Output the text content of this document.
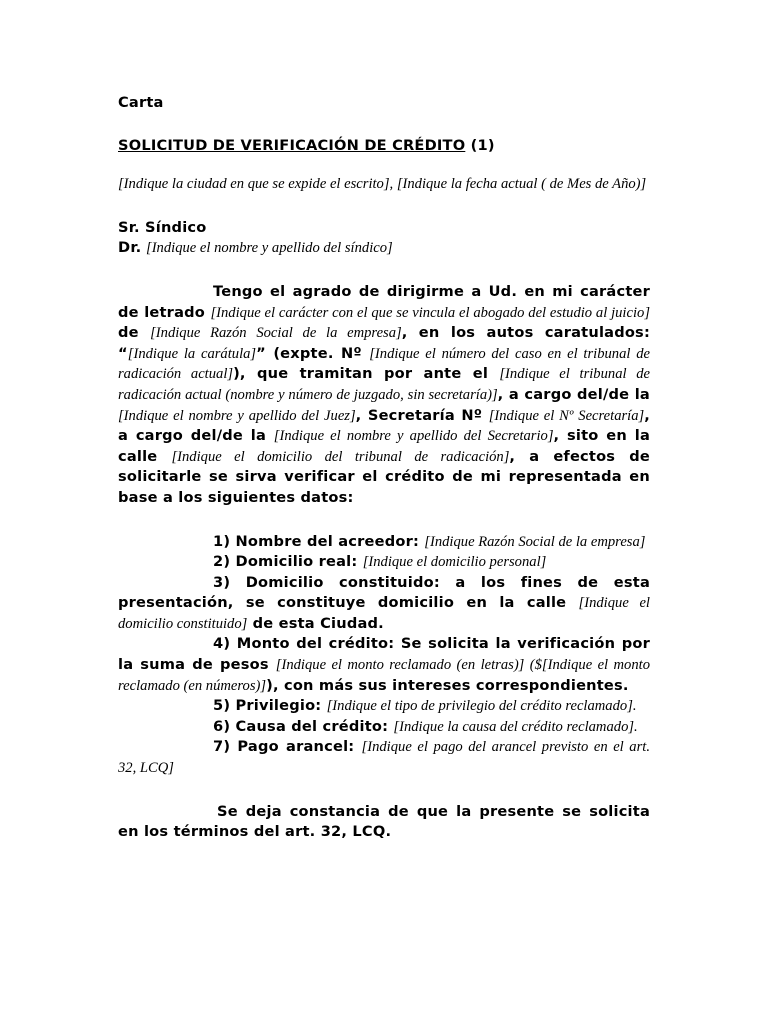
Carta

SOLICITUD DE VERIFICACIÓN DE CRÉDITO (1)

[Indique la ciudad en que se expide el escrito], [Indique la fecha actual ( de Mes de Año)]

Sr. Síndico

Dr. [Indique el nombre y apellido del síndico]

Tengo el agrado de dirigirme a Ud. en mi carácter de letrado [Indique el carácter con el que se vincula el abogado del estudio al juicio] de [Indique Razón Social de la empresa], en los autos caratulados: “[Indique la carátula]” (expte. Nº [Indique el número del caso en el tribunal de radicación actual]), que tramitan por ante el [Indique el tribunal de radicación actual (nombre y número de juzgado, sin secretaría)], a cargo del/de la [Indique el nombre y apellido del Juez], Secretaría Nº [Indique el Nº Secretaría], a cargo del/de la [Indique el nombre y apellido del Secretario], sito en la calle [Indique el domicilio del tribunal de radicación], a efectos de solicitarle se sirva verificar el crédito de mi representada en base a los siguientes datos:

1) Nombre del acreedor: [Indique Razón Social de la empresa]

2) Domicilio real: [Indique el domicilio personal]

3) Domicilio constituido: a los fines de esta presentación, se constituye domicilio en la calle [Indique el domicilio constituido] de esta Ciudad.

4) Monto del crédito: Se solicita la verificación por la suma de pesos [Indique el monto reclamado (en letras)] ($[Indique el monto reclamado (en números)]), con más sus intereses correspondientes.

5) Privilegio: [Indique el tipo de privilegio del crédito reclamado].

6) Causa del crédito: [Indique la causa del crédito reclamado].

7) Pago arancel: [Indique el pago del arancel previsto en el art. 32, LCQ]

Se deja constancia de que la presente se solicita en los términos del art. 32, LCQ.
